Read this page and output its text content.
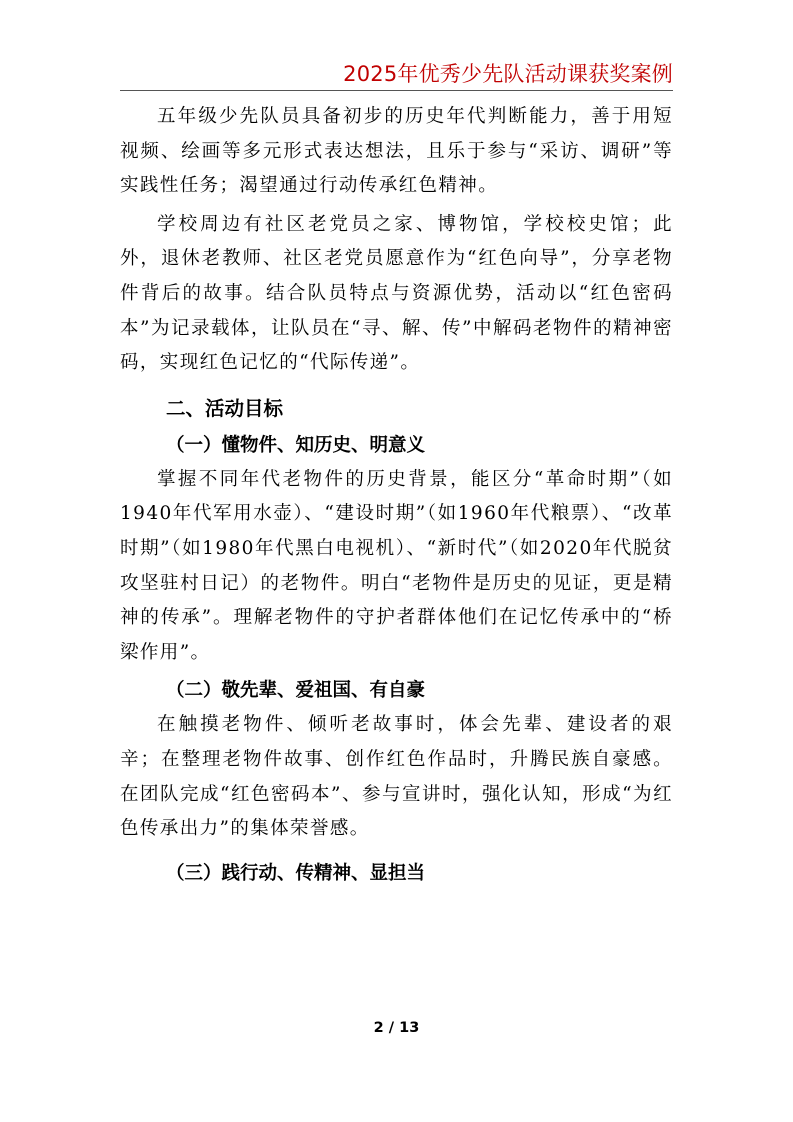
2025年优秀少先队活动课获奖案例

五年级少先队员具备初步的历史年代判断能力，善于用短视频、绘画等多元形式表达想法，且乐于参与“采访、调研”等实践性任务；渴望通过行动传承红色精神。

学校周边有社区老党员之家、博物馆，学校校史馆；此外，退休老教师、社区老党员愿意作为“红色向导”，分享老物件背后的故事。结合队员特点与资源优势，活动以“红色密码本”为记录载体，让队员在“寻、解、传”中解码老物件的精神密码，实现红色记忆的“代际传递”。

二、活动目标
（一）懂物件、知历史、明意义

掌握不同年代老物件的历史背景，能区分“革命时期”（如1940年代军用水壶）、“建设时期”（如1960年代粮票）、“改革时期”（如1980年代黑白电视机）、“新时代”（如2020年代脱贫攻坚驻村日记）的老物件。明白“老物件是历史的见证，更是精神的传承”。理解老物件的守护者群体他们在记忆传承中的“桥梁作用”。

（二）敬先辈、爱祖国、有自豪

在触摸老物件、倾听老故事时，体会先辈、建设者的艰辛；在整理老物件故事、创作红色作品时，升腾民族自豪感。在团队完成“红色密码本”、参与宣讲时，强化认知，形成“为红色传承出力”的集体荣誉感。

（三）践行动、传精神、显担当
2 / 13
